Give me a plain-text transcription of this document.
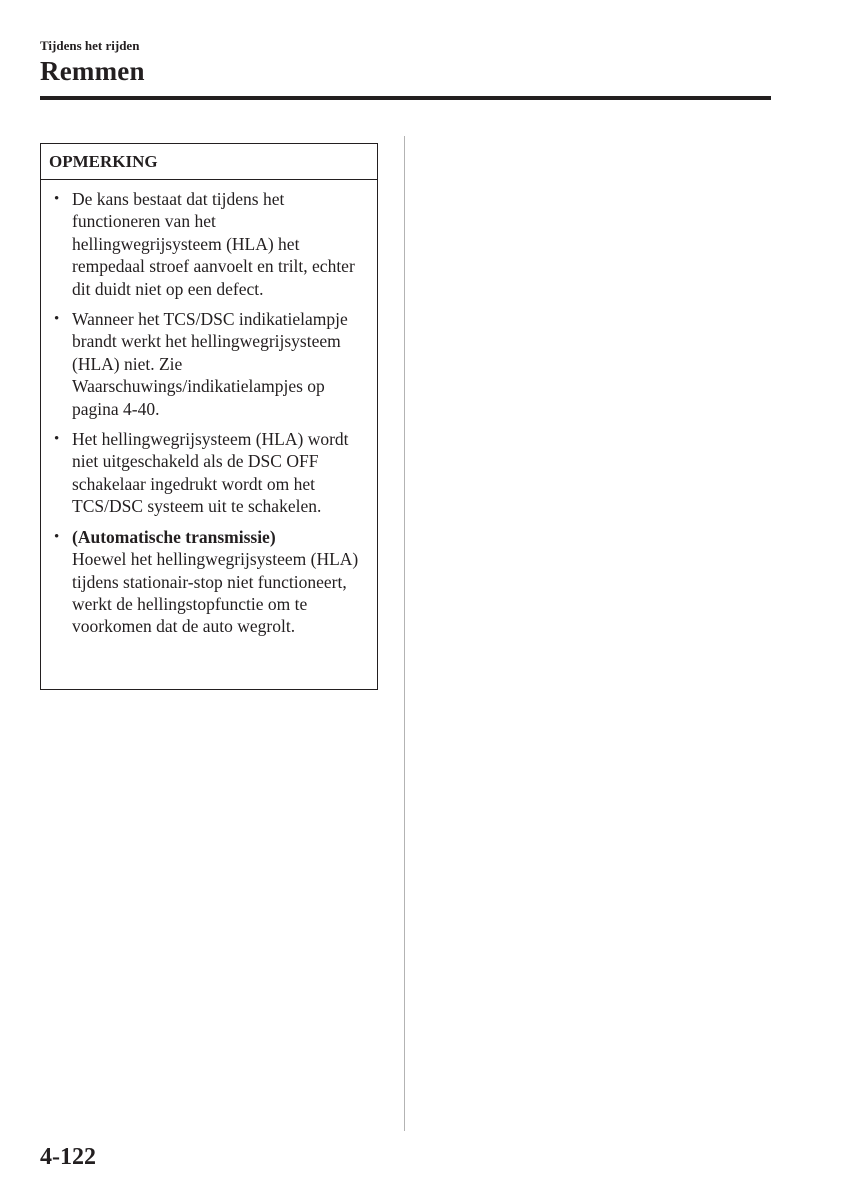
Tijdens het rijden
Remmen
OPMERKING
• De kans bestaat dat tijdens het functioneren van het hellingwegrijsysteem (HLA) het rempedaal stroef aanvoelt en trilt, echter dit duidt niet op een defect.
• Wanneer het TCS/DSC indikatielampje brandt werkt het hellingwegrijsysteem (HLA) niet. Zie Waarschuwings/indikatielampjes op pagina 4-40.
• Het hellingwegrijsysteem (HLA) wordt niet uitgeschakeld als de DSC OFF schakelaar ingedrukt wordt om het TCS/DSC systeem uit te schakelen.
• (Automatische transmissie)
Hoewel het hellingwegrijsysteem (HLA) tijdens stationair-stop niet functioneert, werkt de hellingstopfunctie om te voorkomen dat de auto wegrolt.
4-122
